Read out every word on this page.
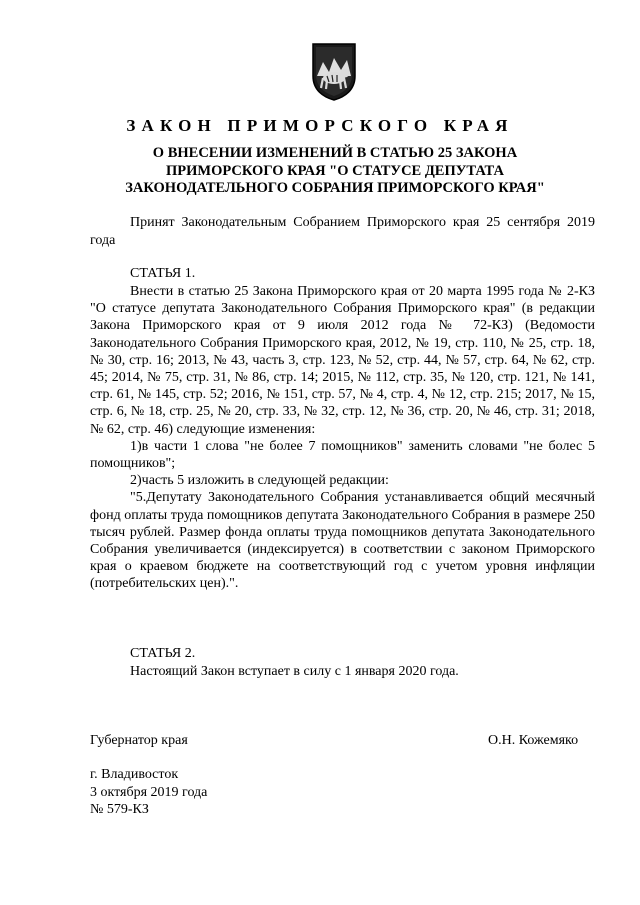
ЗАКОН ПРИМОРСКОГО КРАЯ
О ВНЕСЕНИИ ИЗМЕНЕНИЙ В СТАТЬЮ 25 ЗАКОНА ПРИМОРСКОГО КРАЯ "О СТАТУСЕ ДЕПУТАТА ЗАКОНОДАТЕЛЬНОГО СОБРАНИЯ ПРИМОРСКОГО КРАЯ"
Принят Законодательным Собранием Приморского края 25 сентября 2019 года
СТАТЬЯ 1.

Внести в статью 25 Закона Приморского края от 20 марта 1995 года № 2-КЗ "О статусе депутата Законодательного Собрания Приморского края" (в редакции Закона Приморского края от 9 июля 2012 года № 72-КЗ) (Ведомости Законодательного Собрания Приморского края, 2012, № 19, стр. 110, № 25, стр. 18, № 30, стр. 16; 2013, № 43, часть 3, стр. 123, № 52, стр. 44, № 57, стр. 64, № 62, стр. 45; 2014, № 75, стр. 31, № 86, стр. 14; 2015, № 112, стр. 35, № 120, стр. 121, № 141, стр. 61, № 145, стр. 52; 2016, № 151, стр. 57, № 4, стр. 4, № 12, стр. 215; 2017, № 15, стр. 6, № 18, стр. 25, № 20, стр. 33, № 32, стр. 12, № 36, стр. 20, № 46, стр. 31; 2018, № 62, стр. 46) следующие изменения:

1)в части 1 слова "не более 7 помощников" заменить словами "не болес 5 помощников";

2)часть 5 изложить в следующей редакции:

"5.Депутату Законодательного Собрания устанавливается общий месячный фонд оплаты труда помощников депутата Законодательного Собрания в размере 250 тысяч рублей. Размер фонда оплаты труда помощников депутата Законодательного Собрания увеличивается (индексируется) в соответствии с законом Приморского края о краевом бюджете на соответствующий год с учетом уровня инфляции (потребительских цен).".

СТАТЬЯ 2.

Настоящий Закон вступает в силу с 1 января 2020 года.

Губернатор края	О.Н. Кожемяко
г. Владивосток
3 октября 2019 года
№ 579-КЗ
